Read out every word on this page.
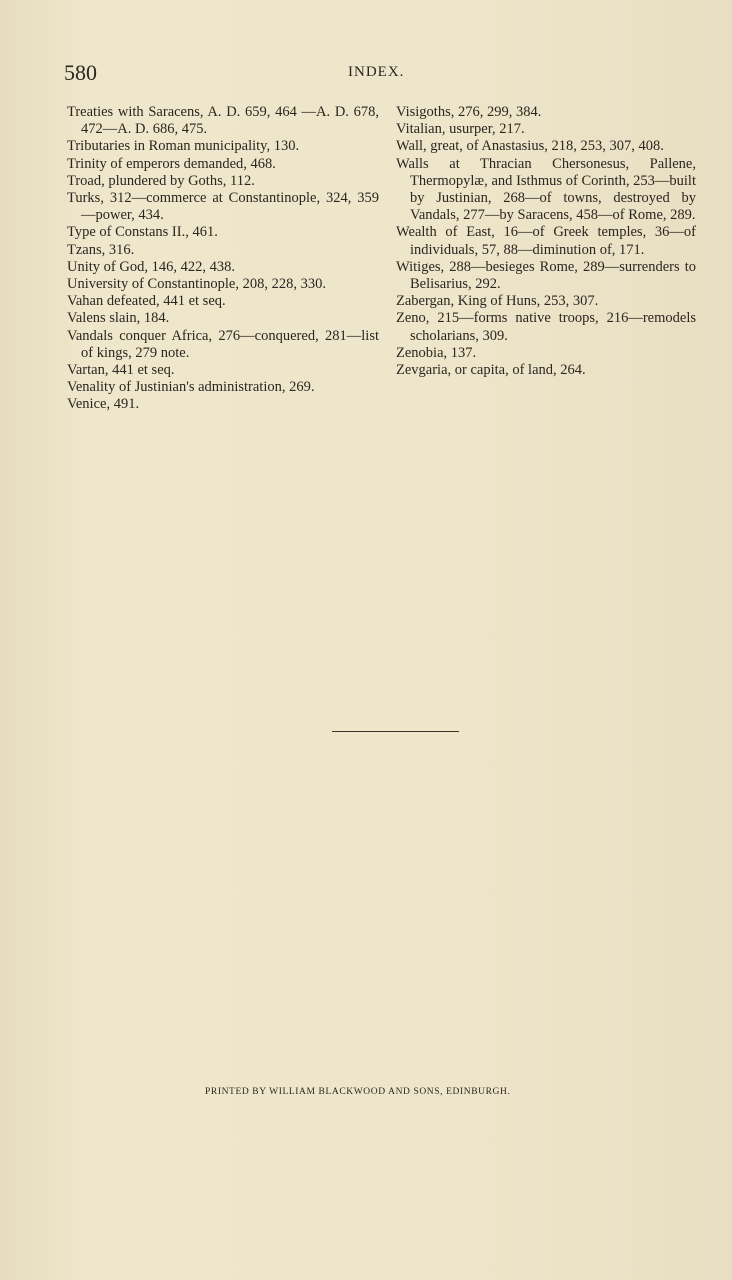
580	INDEX.

Treaties with Saracens, A. D. 659, 464 —A. D. 678, 472—A. D. 686, 475.

Tributaries in Roman municipality, 130.

Trinity of emperors demanded, 468.

Troad, plundered by Goths, 112.

Turks, 312—commerce at Constantinople, 324, 359—power, 434.

Type of Constans II., 461.

Tzans, 316.

Unity of God, 146, 422, 438.

University of Constantinople, 208, 228, 330.

Vahan defeated, 441 et seq.

Valens slain, 184.

Vandals conquer Africa, 276—conquered, 281—list of kings, 279 note.

Vartan, 441 et seq.

Venality of Justinian's administration, 269.

Venice, 491.

Visigoths, 276, 299, 384.

Vitalian, usurper, 217.

Wall, great, of Anastasius, 218, 253, 307, 408.

Walls at Thracian Chersonesus, Pallene, Thermopylæ, and Isthmus of Corinth, 253—built by Justinian, 268—of towns, destroyed by Vandals, 277—by Saracens, 458—of Rome, 289.

Wealth of East, 16—of Greek temples, 36—of individuals, 57, 88—diminution of, 171.

Witiges, 288—besieges Rome, 289—surrenders to Belisarius, 292.

Zabergan, King of Huns, 253, 307.

Zeno, 215—forms native troops, 216—remodels scholarians, 309.

Zenobia, 137.

Zevgaria, or capita, of land, 264.

PRINTED BY WILLIAM BLACKWOOD AND SONS, EDINBURGH.
